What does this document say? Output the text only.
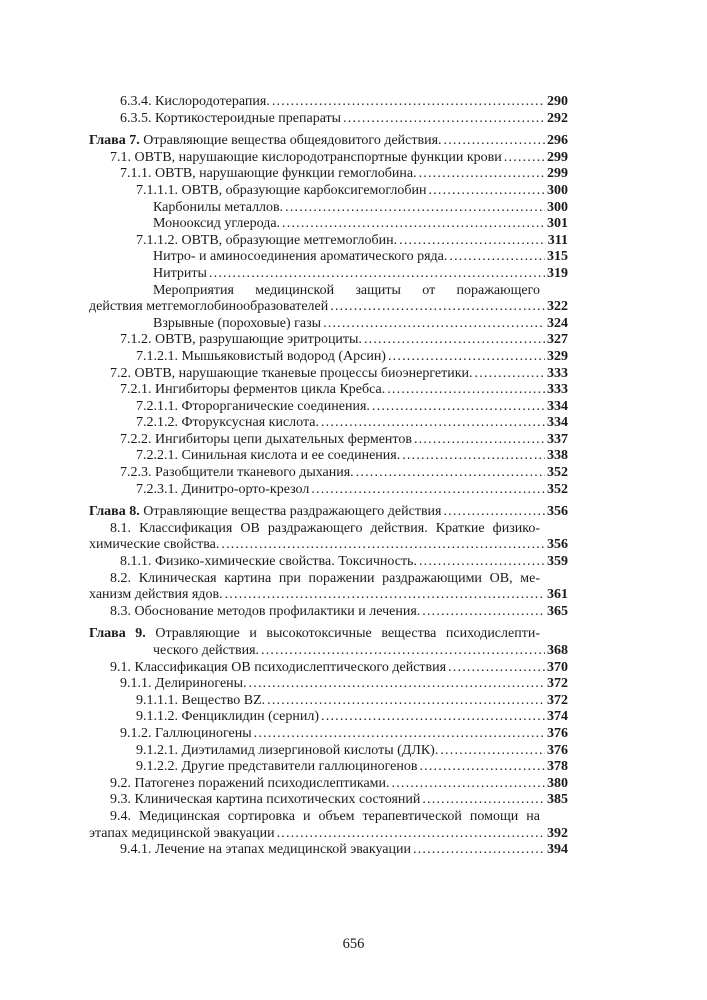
6.3.4. Кислородотерапия. .....	290
6.3.5. Кортикостероидные препараты .....	292
Глава 7. Отравляющие вещества общеядовитого действия. .....	296
7.1. ОВТВ, нарушающие кислородотранспортные функции крови .....	299
7.1.1. ОВТВ, нарушающие функции гемоглобина. .....	299
7.1.1.1. ОВТВ, образующие карбоксигемоглобин .....	300
Карбонилы металлов. .....	300
Монооксид углерода. .....	301
7.1.1.2. ОВТВ, образующие метгемоглобин. .....	311
Нитро- и аминосоединения ароматического ряда. .....	315
Нитриты .....	319
Мероприятия медицинской защиты от поражающего
действия метгемоглобинообразователей .....	322
Взрывные (пороховые) газы .....	324
7.1.2. ОВТВ, разрушающие эритроциты. .....	327
7.1.2.1. Мышьяковистый водород (Арсин) .....	329
7.2. ОВТВ, нарушающие тканевые процессы биоэнергетики. .....	333
7.2.1. Ингибиторы ферментов цикла Кребса. .....	333
7.2.1.1. Фторорганические соединения. .....	334
7.2.1.2. Фторуксусная кислота. .....	334
7.2.2. Ингибиторы цепи дыхательных ферментов .....	337
7.2.2.1. Синильная кислота и ее соединения. .....	338
7.2.3. Разобщители тканевого дыхания. .....	352
7.2.3.1. Динитро-орто-крезол .....	352
Глава 8. Отравляющие вещества раздражающего действия .....	356
8.1. Классификация ОВ раздражающего действия. Краткие физико-
химические свойства. .....	356
8.1.1. Физико-химические свойства. Токсичность. .....	359
8.2. Клиническая картина при поражении раздражающими ОВ, ме-
ханизм действия ядов. .....	361
8.3. Обоснование методов профилактики и лечения. .....	365
Глава 9. Отравляющие и высокотоксичные вещества психодислепти-
ческого действия. .....	368
9.1. Классификация ОВ психодислептического действия .....	370
9.1.1. Делириногены. .....	372
9.1.1.1. Вещество BZ. .....	372
9.1.1.2. Фенциклидин (сернил) .....	374
9.1.2. Галлюциногены .....	376
9.1.2.1. Диэтиламид лизергиновой кислоты (ДЛК). .....	376
9.1.2.2. Другие представители галлюциногенов .....	378
9.2. Патогенез поражений психодислептиками. .....	380
9.3. Клиническая картина психотических состояний .....	385
9.4. Медицинская сортировка и объем терапевтической помощи на
этапах медицинской эвакуации .....	392
9.4.1. Лечение на этапах медицинской эвакуации .....	394
656
